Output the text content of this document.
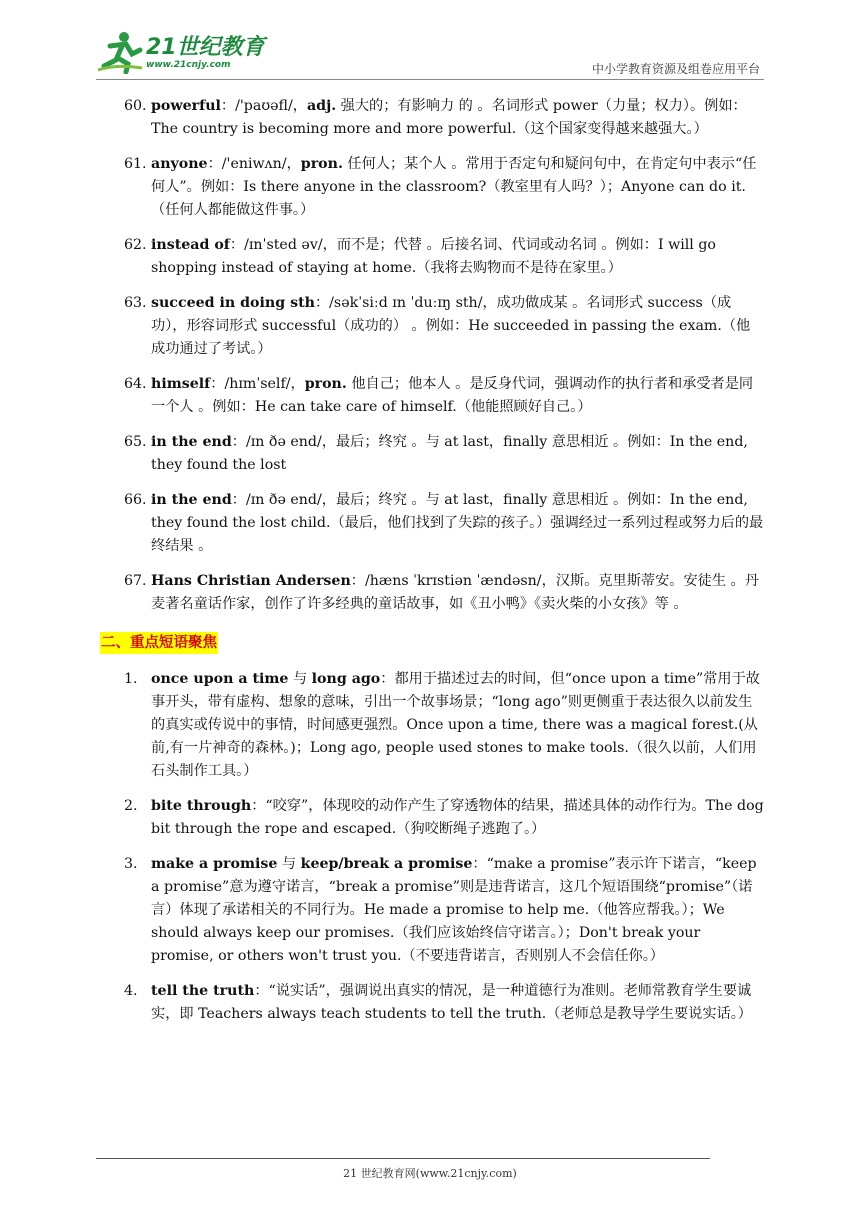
21世纪教育
www.21cnjy.com	中小学教育资源及组卷应用平台
60. powerful：/'paʊəfl/，adj. 强大的；有影响力 的 。名词形式 power（力量；权力）。例如：The country is becoming more and more powerful.（这个国家变得越来越强大。）
61. anyone：/'eniwʌn/，pron. 任何人；某个人 。常用于否定句和疑问句中，在肯定句中表示“任何人”。例如：Is there anyone in the classroom?（教室里有人吗？）；Anyone can do it.（任何人都能做这件事。）
62. instead of：/ɪnˈsted əv/，而不是；代替 。后接名词、代词或动名词 。例如：I will go shopping instead of staying at home.（我将去购物而不是待在家里。）
63. succeed in doing sth：/səkˈsiːd ɪn ˈduːɪŋ sth/，成功做成某 。名词形式 success（成功），形容词形式 successful（成功的） 。例如：He succeeded in passing the exam.（他成功通过了考试。）
64. himself：/hɪmˈself/，pron. 他自己；他本人 。是反身代词，强调动作的执行者和承受者是同一个人 。例如：He can take care of himself.（他能照顾好自己。）
65. in the end：/ɪn ðə end/，最后；终究 。与 at last，finally 意思相近 。例如：In the end, they found the lost
66. in the end：/ɪn ðə end/，最后；终究 。与 at last，finally 意思相近 。例如：In the end, they found the lost child.（最后，他们找到了失踪的孩子。）强调经过一系列过程或努力后的最终结果 。
67. Hans Christian Andersen：/hæns ˈkrɪstiən ˈændəsn/，汉斯。克里斯蒂安。安徒生 。丹麦著名童话作家，创作了许多经典的童话故事，如《丑小鸭》《卖火柴的小女孩》等 。
二、重点短语聚焦
1. once upon a time 与 long ago：都用于描述过去的时间，但“once upon a time”常用于故事开头，带有虚构、想象的意味，引出一个故事场景；“long ago”则更侧重于表达很久以前发生的真实或传说中的事情，时间感更强烈。Once upon a time, there was a magical forest.(从前,有一片神奇的森林。)；Long ago, people used stones to make tools.（很久以前，人们用石头制作工具。）
2. bite through：“咬穿”，体现咬的动作产生了穿透物体的结果，描述具体的动作行为。The dog bit through the rope and escaped.（狗咬断绳子逃跑了。）
3. make a promise 与 keep/break a promise：“make a promise”表示许下诺言，“keep a promise”意为遵守诺言，“break a promise”则是违背诺言，这几个短语围绕“promise”（诺言）体现了承诺相关的不同行为。He made a promise to help me.（他答应帮我。）；We should always keep our promises.（我们应该始终信守诺言。）；Don't break your promise, or others won't trust you.（不要违背诺言，否则别人不会信任你。）
4. tell the truth：“说实话”，强调说出真实的情况，是一种道德行为准则。老师常教育学生要诚实，即 Teachers always teach students to tell the truth.（老师总是教导学生要说实话。）
21 世纪教育网(www.21cnjy.com)
